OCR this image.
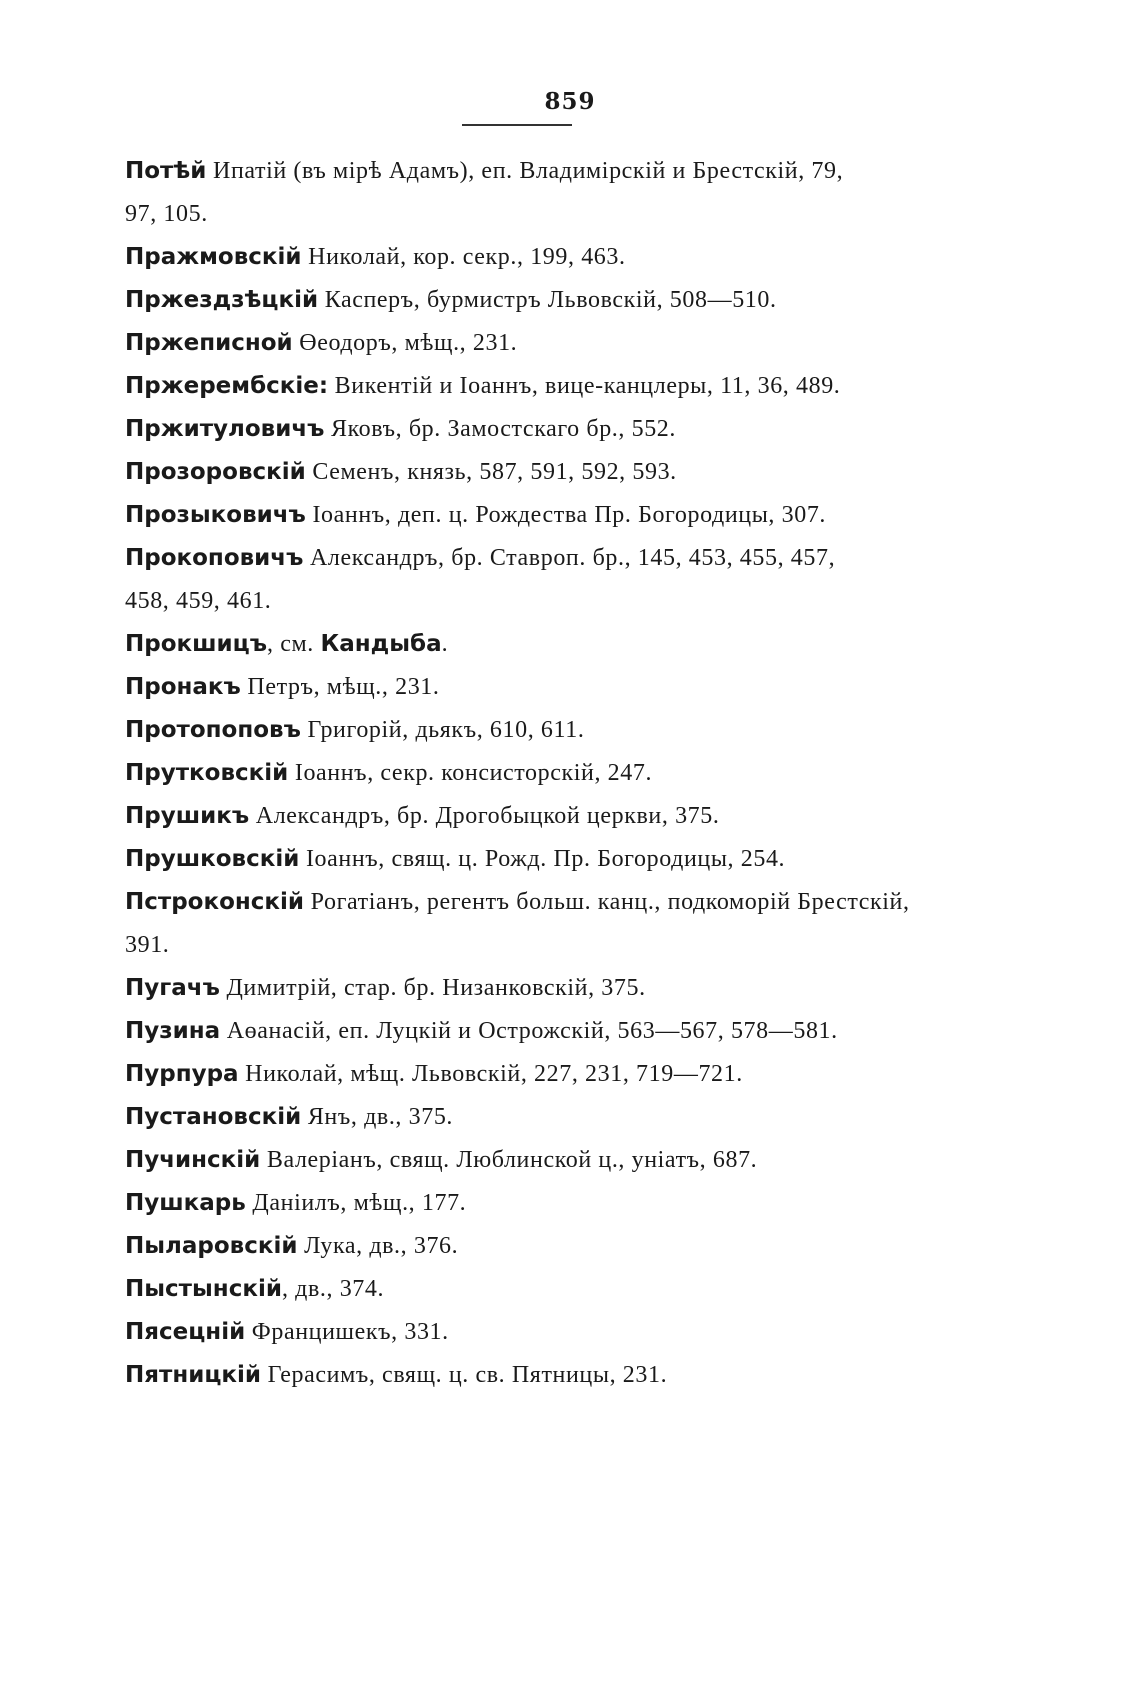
859

Потѣй Ипатій (въ мірѣ Адамъ), еп. Владимірскій и Брестскій, 79,
97, 105.

Пражмовскій Николай, кор. секр., 199, 463.

Пржездзѣцкій Касперъ, бурмистръ Львовскій, 508—510.

Пржеписной Өеодоръ, мѣщ., 231.

Пржерембскіе: Викентій и Іоаннъ, вице-канцлеры, 11, 36, 489.

Пржитуловичъ Яковъ, бр. Замостскаго бр., 552.

Прозоровскій Семенъ, князь, 587, 591, 592, 593.

Прозыковичъ Іоаннъ, деп. ц. Рождества Пр. Богородицы, 307.

Прокоповичъ Александръ, бр. Ставроп. бр., 145, 453, 455, 457,
458, 459, 461.

Прокшицъ, см. Кандыба.

Пронакъ Петръ, мѣщ., 231.

Протопоповъ Григорій, дьякъ, 610, 611.

Прутковскій Іоаннъ, секр. консисторскій, 247.

Прушикъ Александръ, бр. Дрогобыцкой церкви, 375.

Прушковскій Іоаннъ, свящ. ц. Рожд. Пр. Богородицы, 254.

Пстроконскій Рогатіанъ, регентъ больш. канц., подкоморій Брестскій,
391.

Пугачъ Димитрій, стар. бр. Низанковскій, 375.

Пузина Аөанасій, еп. Луцкій и Острожскій, 563—567, 578—581.

Пурпура Николай, мѣщ. Львовскій, 227, 231, 719—721.

Пустановскій Янъ, дв., 375.

Пучинскій Валеріанъ, свящ. Люблинской ц., уніатъ, 687.

Пушкарь Даніилъ, мѣщ., 177.

Пыларовскій Лука, дв., 376.

Пыстынскій, дв., 374.

Пясецній Францишекъ, 331.

Пятницкій Герасимъ, свящ. ц. св. Пятницы, 231.
